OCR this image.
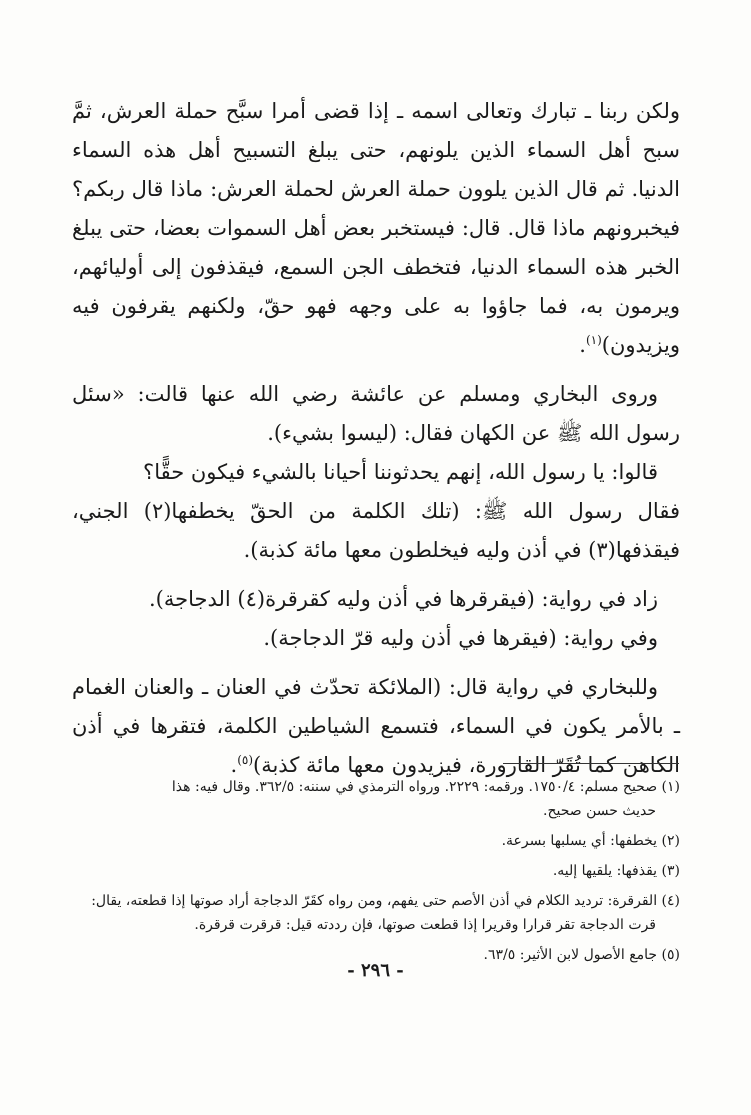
ولكن ربنا ـ تبارك وتعالى اسمه ـ إذا قضى أمرا سبَّح حملة العرش، ثمَّ سبح أهل السماء الذين يلونهم، حتى يبلغ التسبيح أهل هذه السماء الدنيا. ثم قال الذين يلوون حملة العرش لحملة العرش: ماذا قال ربكم؟ فيخبرونهم ماذا قال. قال: فيستخبر بعض أهل السموات بعضا، حتى يبلغ الخبر هذه السماء الدنيا، فتخطف الجن السمع، فيقذفون إلى أوليائهم، ويرمون به، فما جاؤوا به على وجهه فهو حقّ، ولكنهم يقرفون فيه ويزيدون)$^{(١)}$.

وروى البخاري ومسلم عن عائشة رضي الله عنها قالت: «سئل رسول الله ﷺ عن الكهان فقال: (ليسوا بشيء).

قالوا: يا رسول الله، إنهم يحدثوننا أحيانا بالشيء فيكون حقًّا؟

فقال رسول الله ﷺ: (تلك الكلمة من الحقّ يخطفها(٢) الجني، فيقذفها(٣) في أذن وليه فيخلطون معها مائة كذبة).

زاد في رواية: (فيقرقرها في أذن وليه كقرقرة(٤) الدجاجة).

وفي رواية: (فيقرها في أذن وليه قرّ الدجاجة).

وللبخاري في رواية قال: (الملائكة تحدّث في العنان ـ والعنان الغمام ـ بالأمر يكون في السماء، فتسمع الشياطين الكلمة، فتقرها في أذن الكاهن كما تُقَرّ القارورة، فيزيدون معها مائة كذبة)$^{(٥)}$.

(١) صحيح مسلم: ١٧٥٠/٤. ورقمه: ٢٢٢٩. ورواه الترمذي في سننه: ٣٦٢/٥. وقال فيه: هذا
حديث حسن صحيح.
(٢) يخطفها: أي يسلبها بسرعة.
(٣) يقذفها: يلقيها إليه.
(٤) القرقرة: ترديد الكلام في أذن الأصم حتى يفهم، ومن رواه كقَرّ الدجاجة أراد صوتها إذا قطعته، يقال:
قرت الدجاجة تقر قرارا وقريرا إذا قطعت صوتها، فإن رددته قيل: قرقرت قرقرة.
(٥) جامع الأصول لابن الأثير: ٦٣/٥.
- ٢٩٦ -
